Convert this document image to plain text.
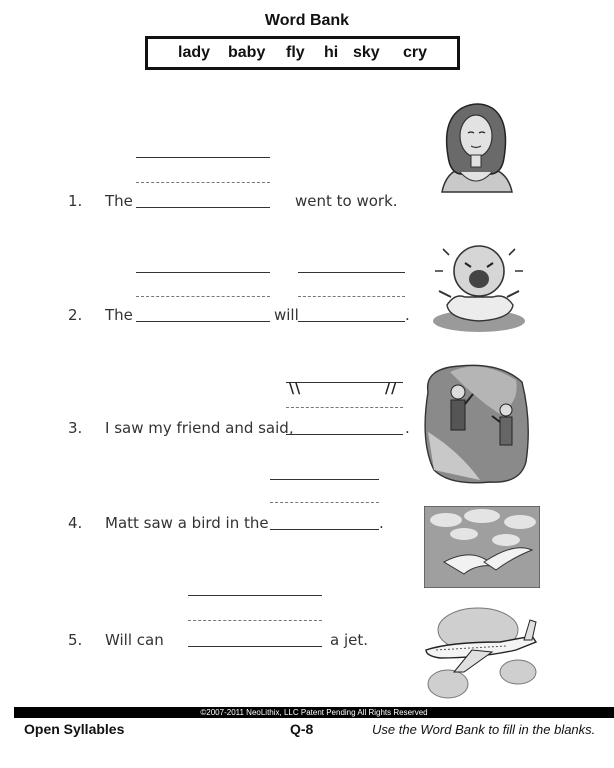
Word Bank
lady baby fly hi sky cry
1. The	went to work.
2. The	will	.
\\	//
3. I saw my friend and said,	.
4. Matt saw a bird in the	.
5. Will can	a jet.
©2007-2011 NeoLithix, LLC Patent Pending All Rights Reserved
Open Syllables	Q-8	Use the Word Bank to fill in the blanks.
